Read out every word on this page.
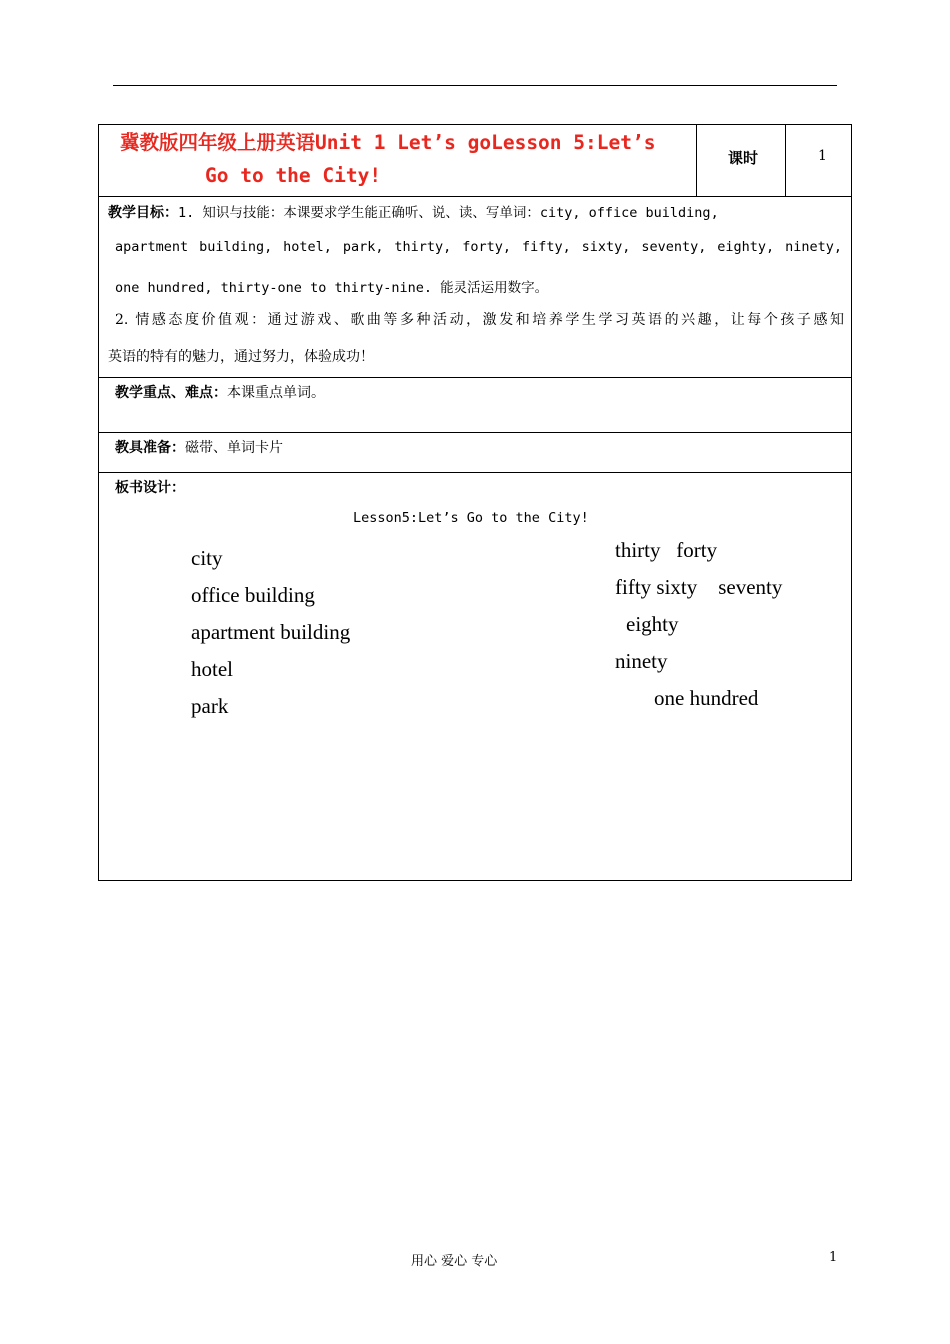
冀教版四年级上册英语Unit 1 Let’s goLesson 5:Let’s
Go to the City!
课时	1
教学目标：1. 知识与技能：本课要求学生能正确听、说、读、写单词：city, office building,
apartment building, hotel, park, thirty, forty, fifty, sixty, seventy, eighty, ninety,
one hundred, thirty-one to thirty-nine. 能灵活运用数字。
2. 情感态度价值观：通过游戏、歌曲等多种活动，激发和培养学生学习英语的兴趣，让每个孩子感知
英语的特有的魅力，通过努力，体验成功！
教学重点、难点：本课重点单词。
教具准备：磁带、单词卡片
板书设计：
Lesson5:Let’s Go to the City!
city
office building
apartment building
hotel
park
thirty   forty
fifty sixty    seventy
eighty
ninety
one hundred
用心 爱心 专心	1
